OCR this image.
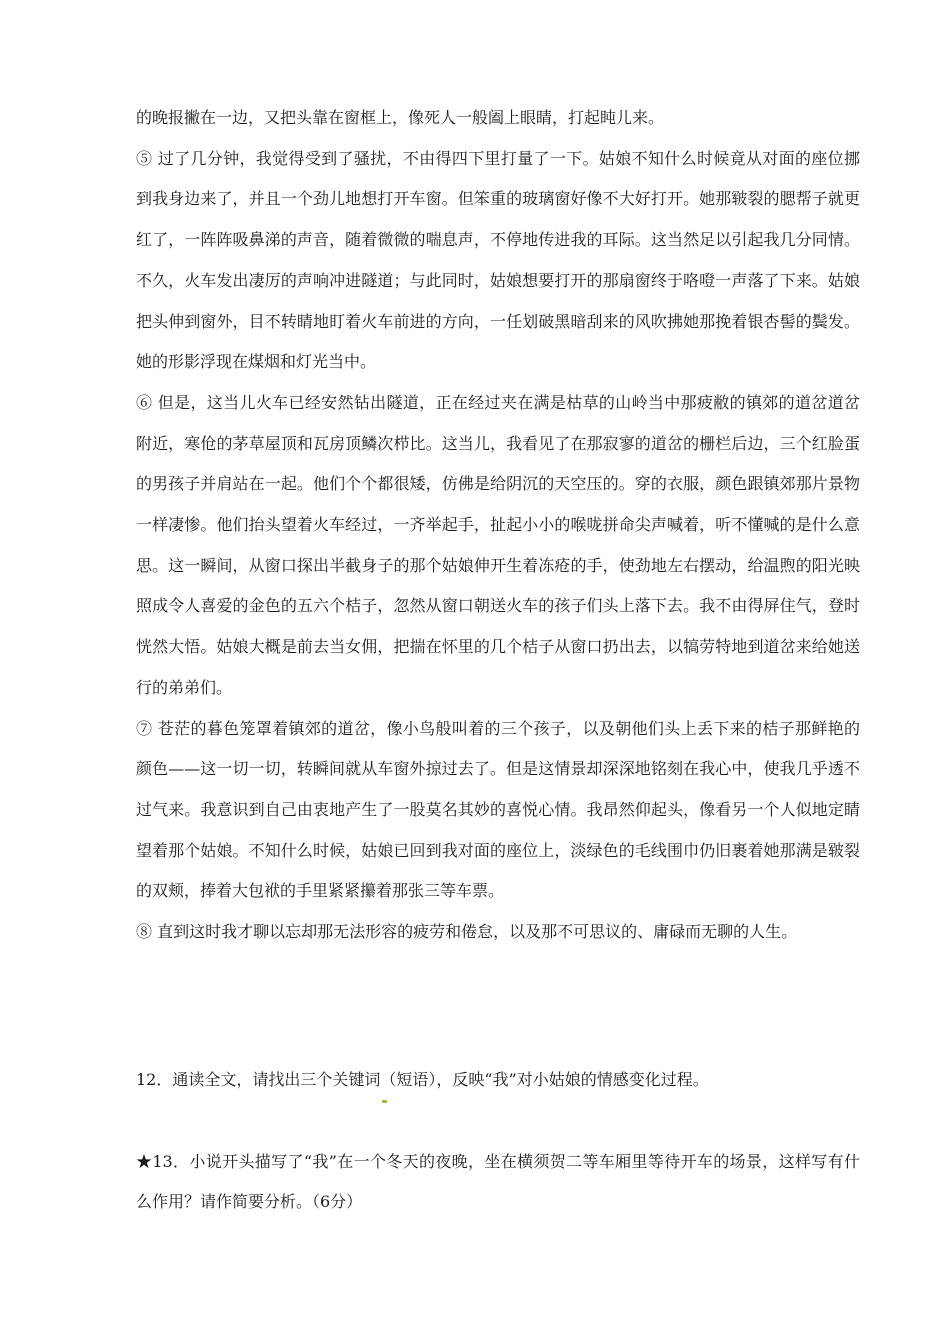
的晚报撇在一边，又把头靠在窗框上，像死人一般阖上眼睛，打起盹儿来。

⑤ 过了几分钟，我觉得受到了骚扰，不由得四下里打量了一下。姑娘不知什么时候竟从对面的座位挪到我身边来了，并且一个劲儿地想打开车窗。但笨重的玻璃窗好像不大好打开。她那皲裂的腮帮子就更红了，一阵阵吸鼻涕的声音，随着微微的喘息声，不停地传进我的耳际。这当然足以引起我几分同情。不久，火车发出凄厉的声响冲进隧道；与此同时，姑娘想要打开的那扇窗终于咯噔一声落了下来。姑娘把头伸到窗外，目不转睛地盯着火车前进的方向，一任划破黑暗刮来的风吹拂她那挽着银杏髻的鬓发。她的形影浮现在煤烟和灯光当中。

⑥ 但是，这当儿火车已经安然钻出隧道，正在经过夹在满是枯草的山岭当中那疲敝的镇郊的道岔道岔附近，寒伧的茅草屋顶和瓦房顶鳞次栉比。这当儿，我看见了在那寂寥的道岔的栅栏后边，三个红脸蛋的男孩子并肩站在一起。他们个个都很矮，仿佛是给阴沉的天空压的。穿的衣服，颜色跟镇郊那片景物一样凄惨。他们抬头望着火车经过，一齐举起手，扯起小小的喉咙拼命尖声喊着，听不懂喊的是什么意思。这一瞬间，从窗口探出半截身子的那个姑娘伸开生着冻疮的手，使劲地左右摆动，给温煦的阳光映照成令人喜爱的金色的五六个桔子，忽然从窗口朝送火车的孩子们头上落下去。我不由得屏住气，登时恍然大悟。姑娘大概是前去当女佣，把揣在怀里的几个桔子从窗口扔出去，以犒劳特地到道岔来给她送行的弟弟们。

⑦ 苍茫的暮色笼罩着镇郊的道岔，像小鸟般叫着的三个孩子，以及朝他们头上丢下来的桔子那鲜艳的颜色——这一切一切，转瞬间就从车窗外掠过去了。但是这情景却深深地铭刻在我心中，使我几乎透不过气来。我意识到自己由衷地产生了一股莫名其妙的喜悦心情。我昂然仰起头，像看另一个人似地定睛望着那个姑娘。不知什么时候，姑娘已回到我对面的座位上，淡绿色的毛线围巾仍旧裹着她那满是皲裂的双颊，捧着大包袱的手里紧紧攥着那张三等车票。

⑧ 直到这时我才聊以忘却那无法形容的疲劳和倦怠，以及那不可思议的、庸碌而无聊的人生。

12．通读全文，请找出三个关键词（短语），反映“我”对小姑娘的情感变化过程。

★13．小说开头描写了“我”在一个冬天的夜晚，坐在横须贺二等车厢里等待开车的场景，这样写有什么作用？请作简要分析。（6分）
